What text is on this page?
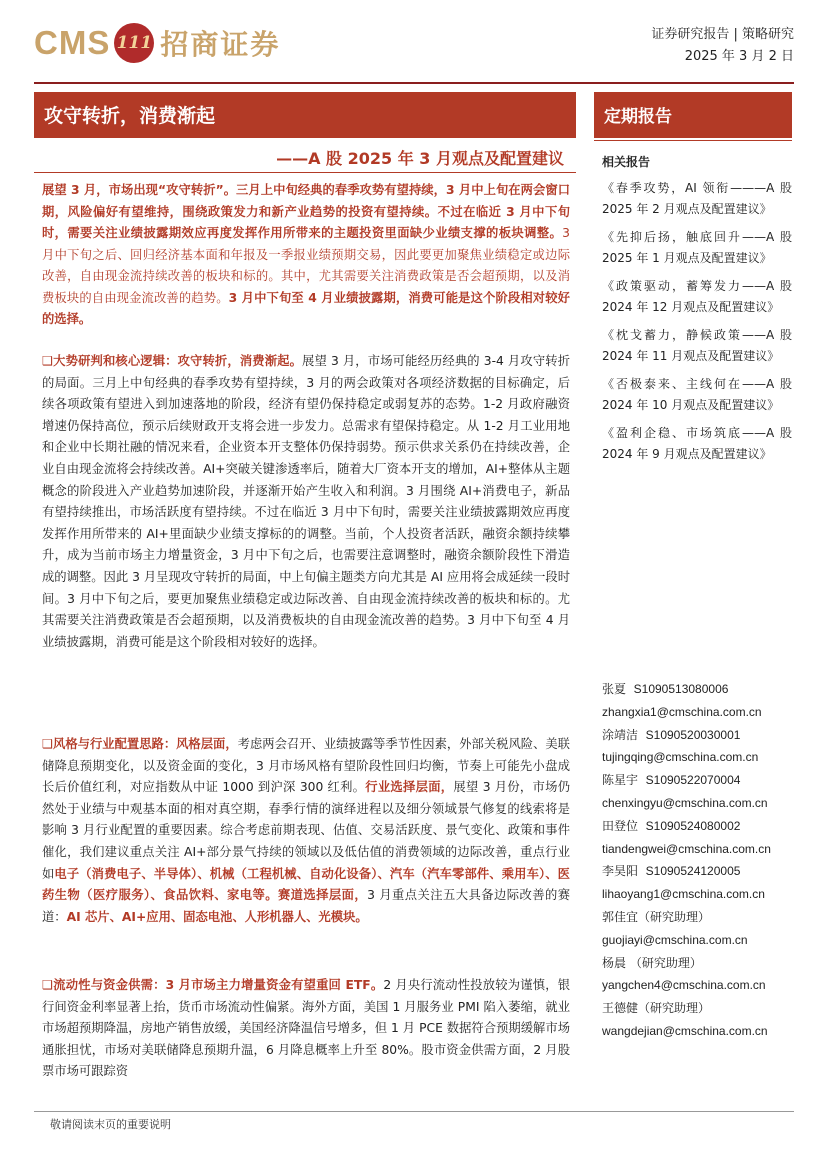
CMS 111 招商证券	证券研究报告 | 策略研究
2025 年 3 月 2 日
攻守转折，消费渐起
——A 股 2025 年 3 月观点及配置建议
展望 3 月，市场出现“攻守转折”。三月上中旬经典的春季攻势有望持续，3 月中上旬在两会窗口期，风险偏好有望维持，围绕政策发力和新产业趋势的投资有望持续。不过在临近 3 月中下旬时，需要关注业绩披露期效应再度发挥作用所带来的主题投资里面缺少业绩支撑的板块调整。3 月中下旬之后、回归经济基本面和年报及一季报业绩预期交易，因此要更加聚焦业绩稳定或边际改善，自由现金流持续改善的板块和标的。其中，尤其需要关注消费政策是否会超预期，以及消费板块的自由现金流改善的趋势。3 月中下旬至 4 月业绩披露期，消费可能是这个阶段相对较好的选择。
❑大势研判和核心逻辑：攻守转折，消费渐起。展望 3 月，市场可能经历经典的 3-4 月攻守转折的局面。三月上中旬经典的春季攻势有望持续，3 月的两会政策对各项经济数据的目标确定，后续各项政策有望进入到加速落地的阶段，经济有望仍保持稳定或弱复苏的态势。1-2 月政府融资增速仍保持高位，预示后续财政开支将会进一步发力。总需求有望保持稳定。从 1-2 月工业用地和企业中长期社融的情况来看，企业资本开支整体仍保持弱势。预示供求关系仍在持续改善，企业自由现金流将会持续改善。AI+突破关键渗透率后，随着大厂资本开支的增加，AI+整体从主题概念的阶段进入产业趋势加速阶段，并逐渐开始产生收入和利润。3 月围绕 AI+消费电子，新品有望持续推出，市场活跃度有望持续。不过在临近 3 月中下旬时，需要关注业绩披露期效应再度发挥作用所带来的 AI+里面缺少业绩支撑标的的调整。当前，个人投资者活跃，融资余额持续攀升，成为当前市场主力增量资金，3 月中下旬之后，也需要注意调整时，融资余额阶段性下滑造成的调整。因此 3 月呈现攻守转折的局面，中上旬偏主题类方向尤其是 AI 应用将会成延续一段时间。3 月中下旬之后，要更加聚焦业绩稳定或边际改善、自由现金流持续改善的板块和标的。尤其需要关注消费政策是否会超预期，以及消费板块的自由现金流改善的趋势。3 月中下旬至 4 月业绩披露期，消费可能是这个阶段相对较好的选择。
❑风格与行业配置思路：风格层面，考虑两会召开、业绩披露等季节性因素，外部关税风险、美联储降息预期变化，以及资金面的变化，3 月市场风格有望阶段性回归均衡，节奏上可能先小盘成长后价值红利，对应指数从中证 1000 到沪深 300 红利。行业选择层面，展望 3 月份，市场仍然处于业绩与中观基本面的相对真空期，春季行情的演绎进程以及细分领域景气修复的线索将是影响 3 月行业配置的重要因素。综合考虑前期表现、估值、交易活跃度、景气变化、政策和事件催化，我们建议重点关注 AI+部分景气持续的领域以及低估值的消费领域的边际改善，重点行业如电子（消费电子、半导体）、机械（工程机械、自动化设备）、汽车（汽车零部件、乘用车）、医药生物（医疗服务）、食品饮料、家电等。赛道选择层面，3 月重点关注五大具备边际改善的赛道：AI 芯片、AI+应用、固态电池、人形机器人、光模块。
❑流动性与资金供需：3 月市场主力增量资金有望重回 ETF。2 月央行流动性投放较为谨慎，银行间资金利率显著上抬，货币市场流动性偏紧。海外方面，美国 1 月服务业 PMI 陷入萎缩，就业市场超预期降温，房地产销售放缓，美国经济降温信号增多，但 1 月 PCE 数据符合预期缓解市场通胀担忧，市场对美联储降息预期升温，6 月降息概率上升至 80%。股市资金供需方面，2 月股票市场可跟踪资
定期报告
相关报告
《春季攻势，AI 领衔———A 股 2025 年 2 月观点及配置建议》
《先抑后扬，触底回升——A 股 2025 年 1 月观点及配置建议》
《政策驱动，蓄筹发力——A 股 2024 年 12 月观点及配置建议》
《枕戈蓄力，静候政策——A 股 2024 年 11 月观点及配置建议》
《否极泰来、主线何在——A 股 2024 年 10 月观点及配置建议》
《盈利企稳、市场筑底——A 股 2024 年 9 月观点及配置建议》
张夏 S1090513080006
zhangxia1@cmschina.com.cn
涂靖洁 S1090520030001
tujingqing@cmschina.com.cn
陈星宇 S1090522070004
chenxingyu@cmschina.com.cn
田登位 S1090524080002
tiandengwei@cmschina.com.cn
李昊阳 S1090524120005
lihaoyang1@cmschina.com.cn
郭佳宜（研究助理）
guojiayi@cmschina.com.cn
杨晨 （研究助理）
yangchen4@cmschina.com.cn
王德健（研究助理）
wangdejian@cmschina.com.cn
敬请阅读末页的重要说明
